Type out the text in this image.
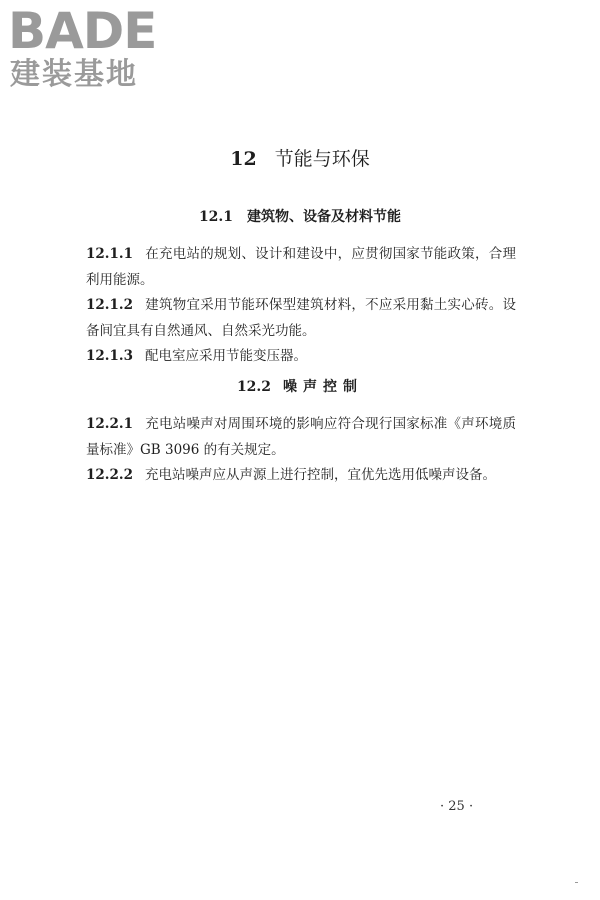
BADE
建装基地
12 节能与环保
12.1 建筑物、设备及材料节能
12.1.1 在充电站的规划、设计和建设中，应贯彻国家节能政策，合理利用能源。
12.1.2 建筑物宜采用节能环保型建筑材料，不应采用黏土实心砖。设备间宜具有自然通风、自然采光功能。
12.1.3 配电室应采用节能变压器。
12.2 噪声控制
12.2.1 充电站噪声对周围环境的影响应符合现行国家标准《声环境质量标准》GB 3096 的有关规定。
12.2.2 充电站噪声应从声源上进行控制，宜优先选用低噪声设备。
· 25 ·
